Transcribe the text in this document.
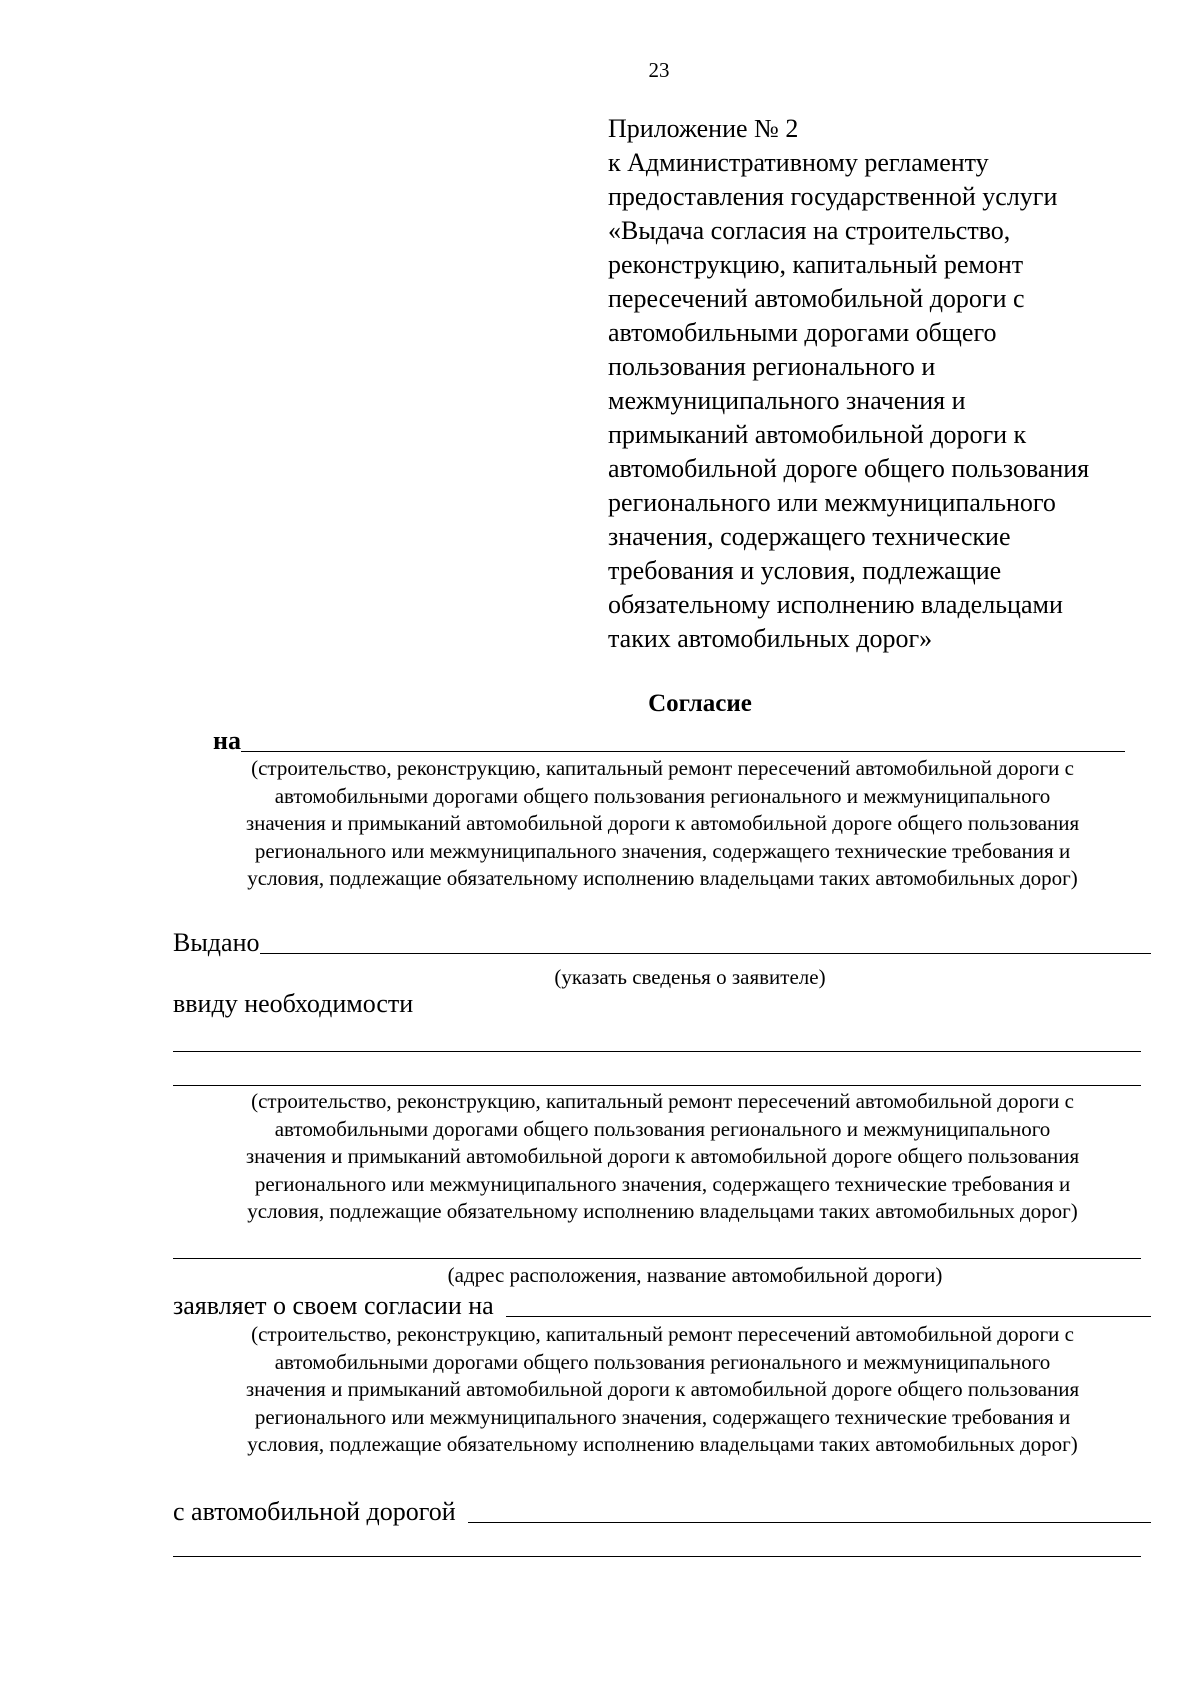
23
Приложение № 2
к Административному регламенту
предоставления государственной услуги
«Выдача согласия на строительство,
реконструкцию, капитальный ремонт
пересечений автомобильной дороги с
автомобильными дорогами общего
пользования регионального и
межмуниципального значения и
примыканий автомобильной дороги к
автомобильной дороге общего пользования
регионального или межмуниципального
значения, содержащего технические
требования и условия, подлежащие
обязательному исполнению владельцами
таких автомобильных дорог»
Согласие
на
(строительство, реконструкцию, капитальный ремонт пересечений автомобильной дороги с
автомобильными дорогами общего пользования регионального и межмуниципального
значения и примыканий автомобильной дороги к автомобильной дороге общего пользования
регионального или межмуниципального значения, содержащего технические требования и
условия, подлежащие обязательному исполнению владельцами таких автомобильных дорог)
Выдано
(указать сведенья о заявителе)
ввиду необходимости
(строительство, реконструкцию, капитальный ремонт пересечений автомобильной дороги с
автомобильными дорогами общего пользования регионального и межмуниципального
значения и примыканий автомобильной дороги к автомобильной дороге общего пользования
регионального или межмуниципального значения, содержащего технические требования и
условия, подлежащие обязательному исполнению владельцами таких автомобильных дорог)
(адрес расположения, название автомобильной дороги)
заявляет о своем согласии на
(строительство, реконструкцию, капитальный ремонт пересечений автомобильной дороги с
автомобильными дорогами общего пользования регионального и межмуниципального
значения и примыканий автомобильной дороги к автомобильной дороге общего пользования
регионального или межмуниципального значения, содержащего технические требования и
условия, подлежащие обязательному исполнению владельцами таких автомобильных дорог)
с автомобильной дорогой
